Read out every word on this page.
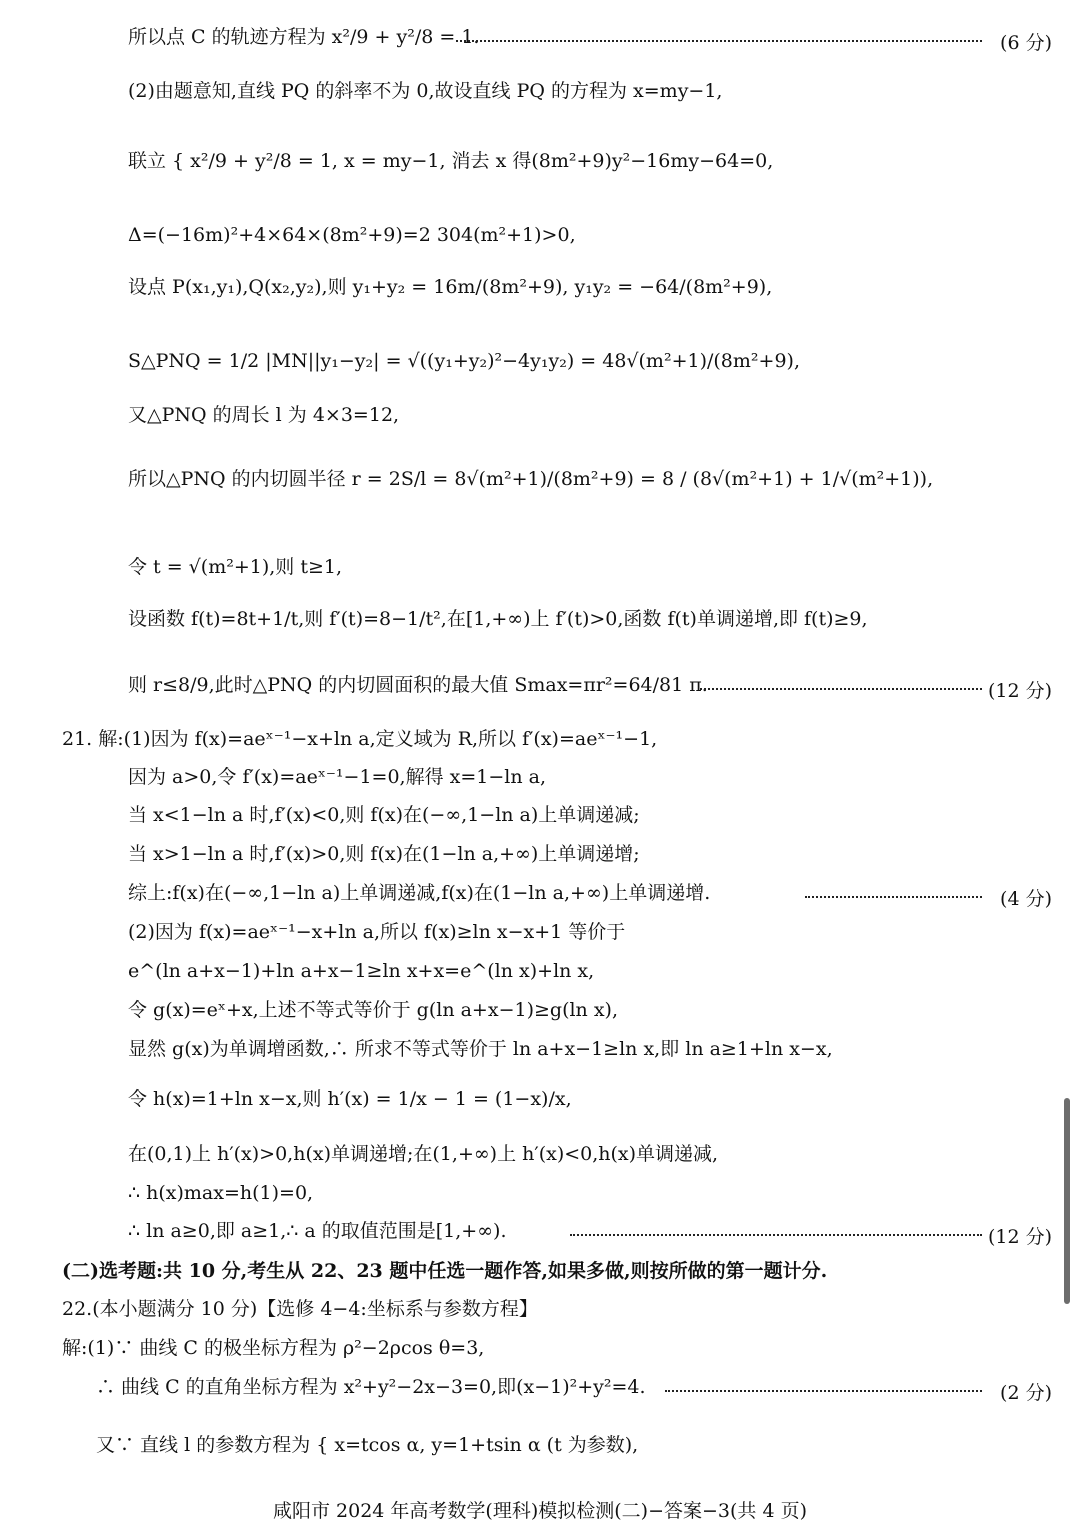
所以点 C 的轨迹方程为 x²/9 + y²/8 = 1.	(6 分)
(2)由题意知,直线 PQ 的斜率不为 0,故设直线 PQ 的方程为 x=my−1,
联立 { x²/9 + y²/8 = 1, x = my−1, 消去 x 得(8m²+9)y²−16my−64=0,
Δ=(−16m)²+4×64×(8m²+9)=2 304(m²+1)>0,
设点 P(x₁,y₁),Q(x₂,y₂),则 y₁+y₂ = 16m/(8m²+9), y₁y₂ = −64/(8m²+9),
S△PNQ = 1/2 |MN||y₁−y₂| = √((y₁+y₂)²−4y₁y₂) = 48√(m²+1)/(8m²+9),
又△PNQ 的周长 l 为 4×3=12,
所以△PNQ 的内切圆半径 r = 2S/l = 8√(m²+1)/(8m²+9) = 8 / (8√(m²+1) + 1/√(m²+1)),
令 t = √(m²+1),则 t≥1,
设函数 f(t)=8t+1/t,则 f′(t)=8−1/t²,在[1,+∞)上 f′(t)>0,函数 f(t)单调递增,即 f(t)≥9,
则 r≤8/9,此时△PNQ 的内切圆面积的最大值 Smax=πr²=64/81 π.	(12 分)
21. 解:(1)因为 f(x)=aeˣ⁻¹−x+ln a,定义域为 R,所以 f′(x)=aeˣ⁻¹−1,
因为 a>0,令 f′(x)=aeˣ⁻¹−1=0,解得 x=1−ln a,
当 x<1−ln a 时,f′(x)<0,则 f(x)在(−∞,1−ln a)上单调递减;
当 x>1−ln a 时,f′(x)>0,则 f(x)在(1−ln a,+∞)上单调递增;
综上:f(x)在(−∞,1−ln a)上单调递减,f(x)在(1−ln a,+∞)上单调递增.	(4 分)
(2)因为 f(x)=aeˣ⁻¹−x+ln a,所以 f(x)≥ln x−x+1 等价于
e^(ln a+x−1)+ln a+x−1≥ln x+x=e^(ln x)+ln x,
令 g(x)=eˣ+x,上述不等式等价于 g(ln a+x−1)≥g(ln x),
显然 g(x)为单调增函数,∴ 所求不等式等价于 ln a+x−1≥ln x,即 ln a≥1+ln x−x,
令 h(x)=1+ln x−x,则 h′(x) = 1/x − 1 = (1−x)/x,
在(0,1)上 h′(x)>0,h(x)单调递增;在(1,+∞)上 h′(x)<0,h(x)单调递减,
∴ h(x)max=h(1)=0,
∴ ln a≥0,即 a≥1,∴ a 的取值范围是[1,+∞).	(12 分)
(二)选考题:共 10 分,考生从 22、23 题中任选一题作答,如果多做,则按所做的第一题计分.
22.(本小题满分 10 分)【选修 4−4:坐标系与参数方程】
解:(1)∵ 曲线 C 的极坐标方程为 ρ²−2ρcos θ=3,
∴ 曲线 C 的直角坐标方程为 x²+y²−2x−3=0,即(x−1)²+y²=4.	(2 分)
又∵ 直线 l 的参数方程为 { x=tcos α, y=1+tsin α (t 为参数),
咸阳市 2024 年高考数学(理科)模拟检测(二)−答案−3(共 4 页)
